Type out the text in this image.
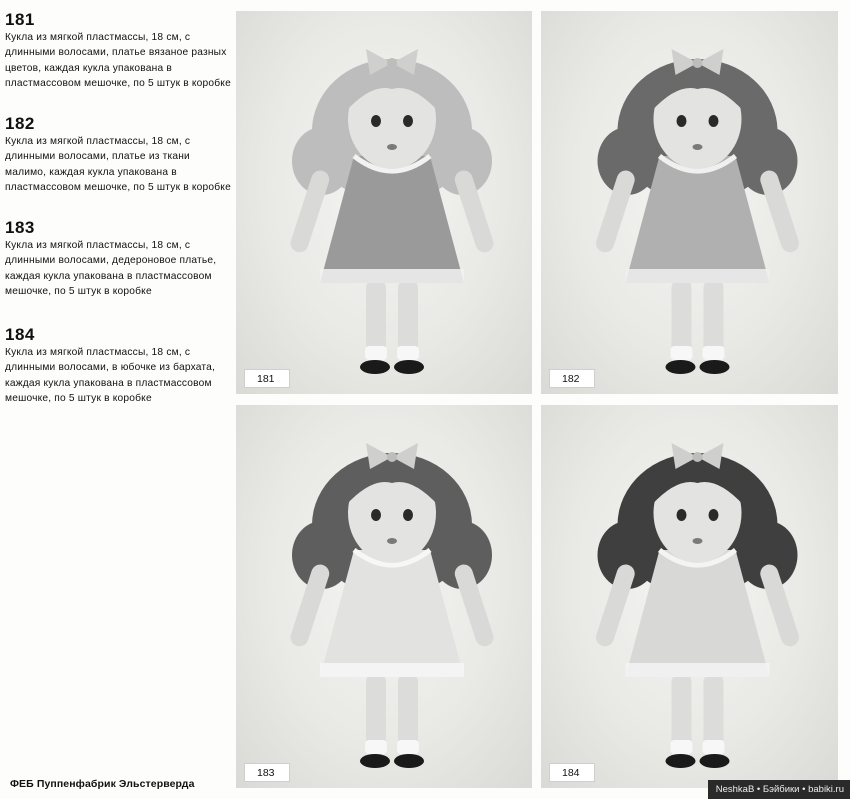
181
Кукла из мягкой пластмассы, 18 см, с длинными волосами, платье вязаное разных цветов, каждая кукла упакована в пластмассовом мешочке, по 5 штук в коробке
182
Кукла из мягкой пластмассы, 18 см, с длинными волосами, платье из ткани малимо, каждая кукла упакована в пластмассовом мешочке, по 5 штук в коробке
183
Кукла из мягкой пластмассы, 18 см, с длинными волосами, дедероновое платье, каждая кукла упакована в пластмассовом мешочке, по 5 штук в коробке
184
Кукла из мягкой пластмассы, 18 см, с длинными волосами, в юбочке из бархата, каждая кукла упакована в пластмассовом мешочке, по 5 штук в коробке
181	182
183	184
ФЕБ Пуппенфабрик Эльстерверда	NeshkaB • Бэйбики • babiki.ru
